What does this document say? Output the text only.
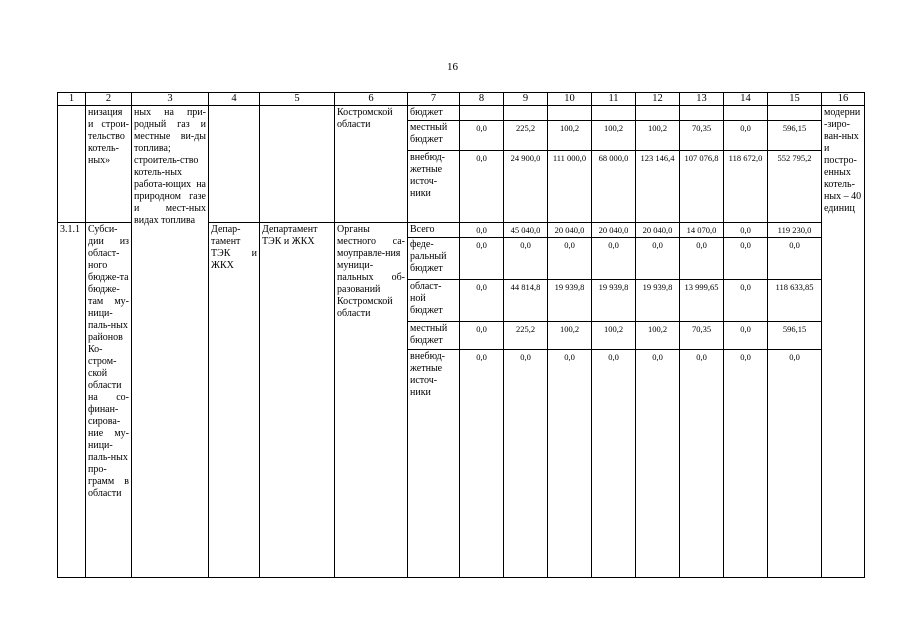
16
1	2	3	4	5	6	7	8	9	10	11	12	13	14	15	16
	низация и строи-тельство котель-ных»	ных на при-родный газ и местные ви-ды топлива; строитель-ство котель-ных работа-ющих на природном газе и мест-ных видах топлива			Костромской области	бюджет									модерни-зиро-ван-ных и постро-енных котель-ных – 40 единиц
						местный бюджет	0,0	225,2	100,2	100,2	100,2	70,35	0,0	596,15	
						внебюд-жетные источ-ники	0,0	24 900,0	111 000,0	68 000,0	123 146,4	107 076,8	118 672,0	552 795,2	
3.1.1	Субси-дии из област-ного бюдже-та бюдже-там му-ници-паль-ных районов Ко-стром-ской области на со-финан-сирова-ние му-ници-паль-ных про-грамм в области		Депар-тамент ТЭК и ЖКХ	Департамент ТЭК и ЖКХ	Органы местного са-моуправле-ния муници-пальных об-разований Костромской области	Всего	0,0	45 040,0	20 040,0	20 040,0	20 040,0	14 070,0	0,0	119 230,0	
						феде-ральный бюджет	0,0	0,0	0,0	0,0	0,0	0,0	0,0	0,0	
						област-ной бюджет	0,0	44 814,8	19 939,8	19 939,8	19 939,8	13 999,65	0,0	118 633,85	
						местный бюджет	0,0	225,2	100,2	100,2	100,2	70,35	0,0	596,15	
						внебюд-жетные источ-ники	0,0	0,0	0,0	0,0	0,0	0,0	0,0	0,0	
